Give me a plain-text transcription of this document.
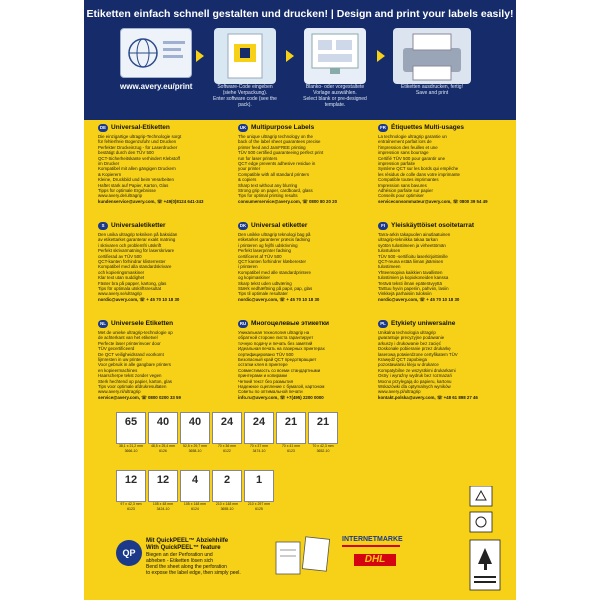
Etiketten einfach schnell gestalten und drucken! | Design and print your labels easily!
www.avery.eu/print	Software-Code eingeben
(siehe Verpackung).
Enter software code (see the pack).
Blanko- oder vorgestaltete
Vorlage auswählen.
Select blank or pre-designed template.
Etiketten ausdrucken, fertig!
Save and print
DE Universal-Etiketten
Die einzigartige ultragrip-Technologie sorgt
für fehlerfreie Bogenzufuhr und Drucken
Perfekter Druckeinzug - für Laserdrucker
bestätigt durch den TÜV 500
QCT-Sicherheitskante verhindert Klebstoff
im Drucker
Kompatibel mit allen gängigen Druckern
& Kopierern
Kleine, Druckbild und beim Verarbeiten
Haftet stark auf Papier, Karton, Glas
Tipps für optimale Ergebnisse
www.avery.de/ultragrip
kundenservice@avery.com, ☏ +49(0)8124 641-343
UK Multipurpose Labels
The unique ultragrip technology on the
back of the label sheet guarantees precise
printer feed and JamFREE printing
TÜV 500 certified guaranteeing perfect print
run for laser printers
QCT edge prevents adhesive residue in
your printer
Compatible with all standard printers
& copiers
Sharp text without any blurring
Strong grip on paper, cardboard, glass
Tips for optimal printing results
consumerservice@avery.com, ☏ 0800 80 20 20
FR Étiquettes Multi-usages
La technologie ultragrip garantie un
entraînement parfait lors de
l'impression des feuilles et une
impression sans bourrage
Certifié TÜV 500 pour garantir une
impression parfaite
Système QCT sur les bords qui empêche
les résidus de colle dans votre imprimante
Compatible toutes imprimantes
Impression sans bavures
Adhésion parfaite sur papier
Conseils pour optimiser
serviceconsommateur@avery.com, ☏ 0800 39 54 49
S	Universaletiketter
Den unika ultragrip tekniken på baksidan
av etikettarket garanterar exakt matning
i skrivaren och problemfri utskrift
Perfekt skrivarmatning för laserskrivare
certifierad av TÜV 500
QCT-kanten förhindrar klisterrester
Kompatibel med alla standardskrivare
och kopieringsmaskiner
Klar text utan suddighet
Fäster bra på papper, kartong, glas
Tips för optimala utskriftsresultat
www.avery.se/ultragrip
nordic@avery.com, ☏ + 45 70 10 18 30
DK Universal etiketter
Den unikke ultragrip teknologi bag på
etiketarket garanterer præcis fødning
i printeren og fejlfri udskrivning
Perfekt laserprinter fødning
certificeret af TÜV 500
QCT kanten forhindrer klæberester
i printeren
Kompatibel med alle standardprintere
og kopimaskiner
Skarp tekst uden udtværing
Stærk vedhæftning på papir, pap, glas
Tips til optimale resultater
nordic@avery.com, ☏ + 45 70 10 18 30
FI Yleiskäyttöiset osoitetarrat
Tarra-arkin takapuolen ainutlaatuinen
ultragrip-tekniikka takaa tarkan
syötön tulostimeen ja virheettömän
tulostuksen
TÜV 500 -sertifioitu laserkirjoittimille
QCT-reuna estää liiman jäämisen
tulostimeen
Yhteensopiva kaikkien tavallisten
tulostimien ja kopiokoneiden kanssa
Terävä teksti ilman epäterävyyttä
Tarttuu hyvin paperiin, pahviin, lasiin
Vinkkejä parhaisiin tuloksiin
nordic@avery.com, ☏ + 45 70 10 18 30
NL Universele Etiketten
Met de unieke ultragrip-technologie op
de achterkant van het etiketvel
Perfecte laser printerinvoer door
TÜV gecertificeerd
De QCT veiligheidsrand voorkomt
lijmresten in uw printer
Voor gebruik in alle gangbare printers
en kopieermachines
Haarscherpe tekst zonder vegen
Sterk hechtend op papier, karton, glas
Tips voor optimale afdrukresultaten
www.avery.nl/ultragrip
service@avery.com, ☏ 0800 0200 33 59
RU Многоцелевые этикетки
Уникальная технология ultragrip на
обратной стороне листа гарантирует
точную подачу и печать без замятий
Идеальная печать на лазерных принтерах
сертифицировано TÜV 500
Безопасный край QCT предотвращает
остатки клея в принтере
Совместимость со всеми стандартными
принтерами и копирами
Четкий текст без размытия
Надежное сцепление с бумагой, картоном
Советы по оптимальной печати
info.ru@avery.com, ☏ +7(495) 2200 0000
PL Etykiety uniwersalne
Unikalna technologia ultragrip
gwarantuje precyzyjne podawanie
arkuszy i drukowanie bez zacięć
Doskonałe pobieranie przez drukarkę
laserową potwierdzone certyfikatem TÜV
Krawędź QCT zapobiega
pozostawianiu kleju w drukarce
Kompatybilne ze wszystkimi drukarkami
Ostry i wyraźny wydruk bez rozmazań
Mocno przylegają do papieru, kartonu
Wskazówki dla optymalnych wyników
www.avery.pl/ultragrip
kontakt.polska@avery.com, ☏ +48 61 898 27 46
65
38,1 x 21,2 mm
3666-10
40
48,5 x 25,4 mm
6126
40
52,5 x 29,7 mm
3658-10
24
70 x 36 mm
6122
24
70 x 37 mm
3474-10
21
70 x 41 mm
6123
21
70 x 42,3 mm
3652-10
12
97 x 42,3 mm
6123
12
105 x 48 mm
3424-10
4
105 x 148 mm
6124
2
210 x 148 mm
3655-10
1
210 x 297 mm
6125
QP
Mit QuickPEEL™ Abziehhilfe
With QuickPEEL™ feature
Biegen an der Perforation und
abheben - Etiketten lösen sich
Bend the sheet along the perforation
to expose the label edge, then simply peel.
INTERNETMARKE
DHL
